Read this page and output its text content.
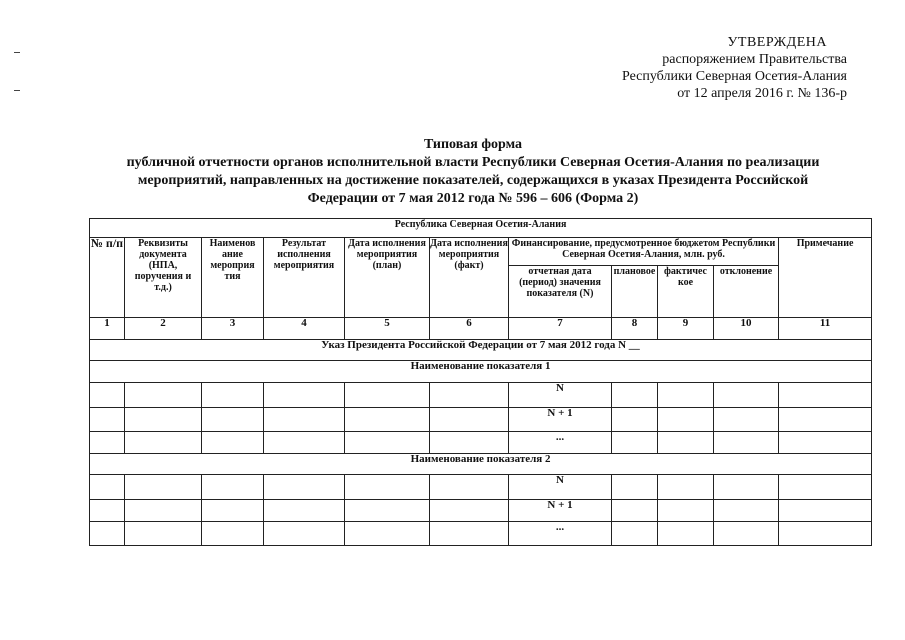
УТВЕРЖДЕНА
распоряжением Правительства
Республики Северная Осетия-Алания
от 12 апреля 2016 г. № 136-р
Типовая форма
публичной отчетности органов исполнительной власти Республики Северная Осетия-Алания по реализации
мероприятий, направленных на достижение показателей, содержащихся в указах Президента Российской
Федерации от 7 мая 2012 года № 596 – 606 (Форма 2)
Республика Северная Осетия-Алания										
№ п/п	Реквизиты документа (НПА, поручения и т.д.)	Наименов ание мероприя тия	Результат исполнения мероприятия	Дата исполнения мероприятия (план)	Дата исполнения мероприятия (факт)	Финансирование, предусмотренное бюджетом Республики Северная Осетия-Алания, млн. руб.				Примечание
						отчетная дата (период) значения показателя (N)	плановое	фактичес кое	отклонение	
1	2	3	4	5	6	7	8	9	10	11
Указ Президента Российской Федерации от 7 мая 2012 года N __										
Наименование показателя 1										
						N				
						N + 1				
						...				
Наименование показателя 2										
						N				
						N + 1				
						...				
